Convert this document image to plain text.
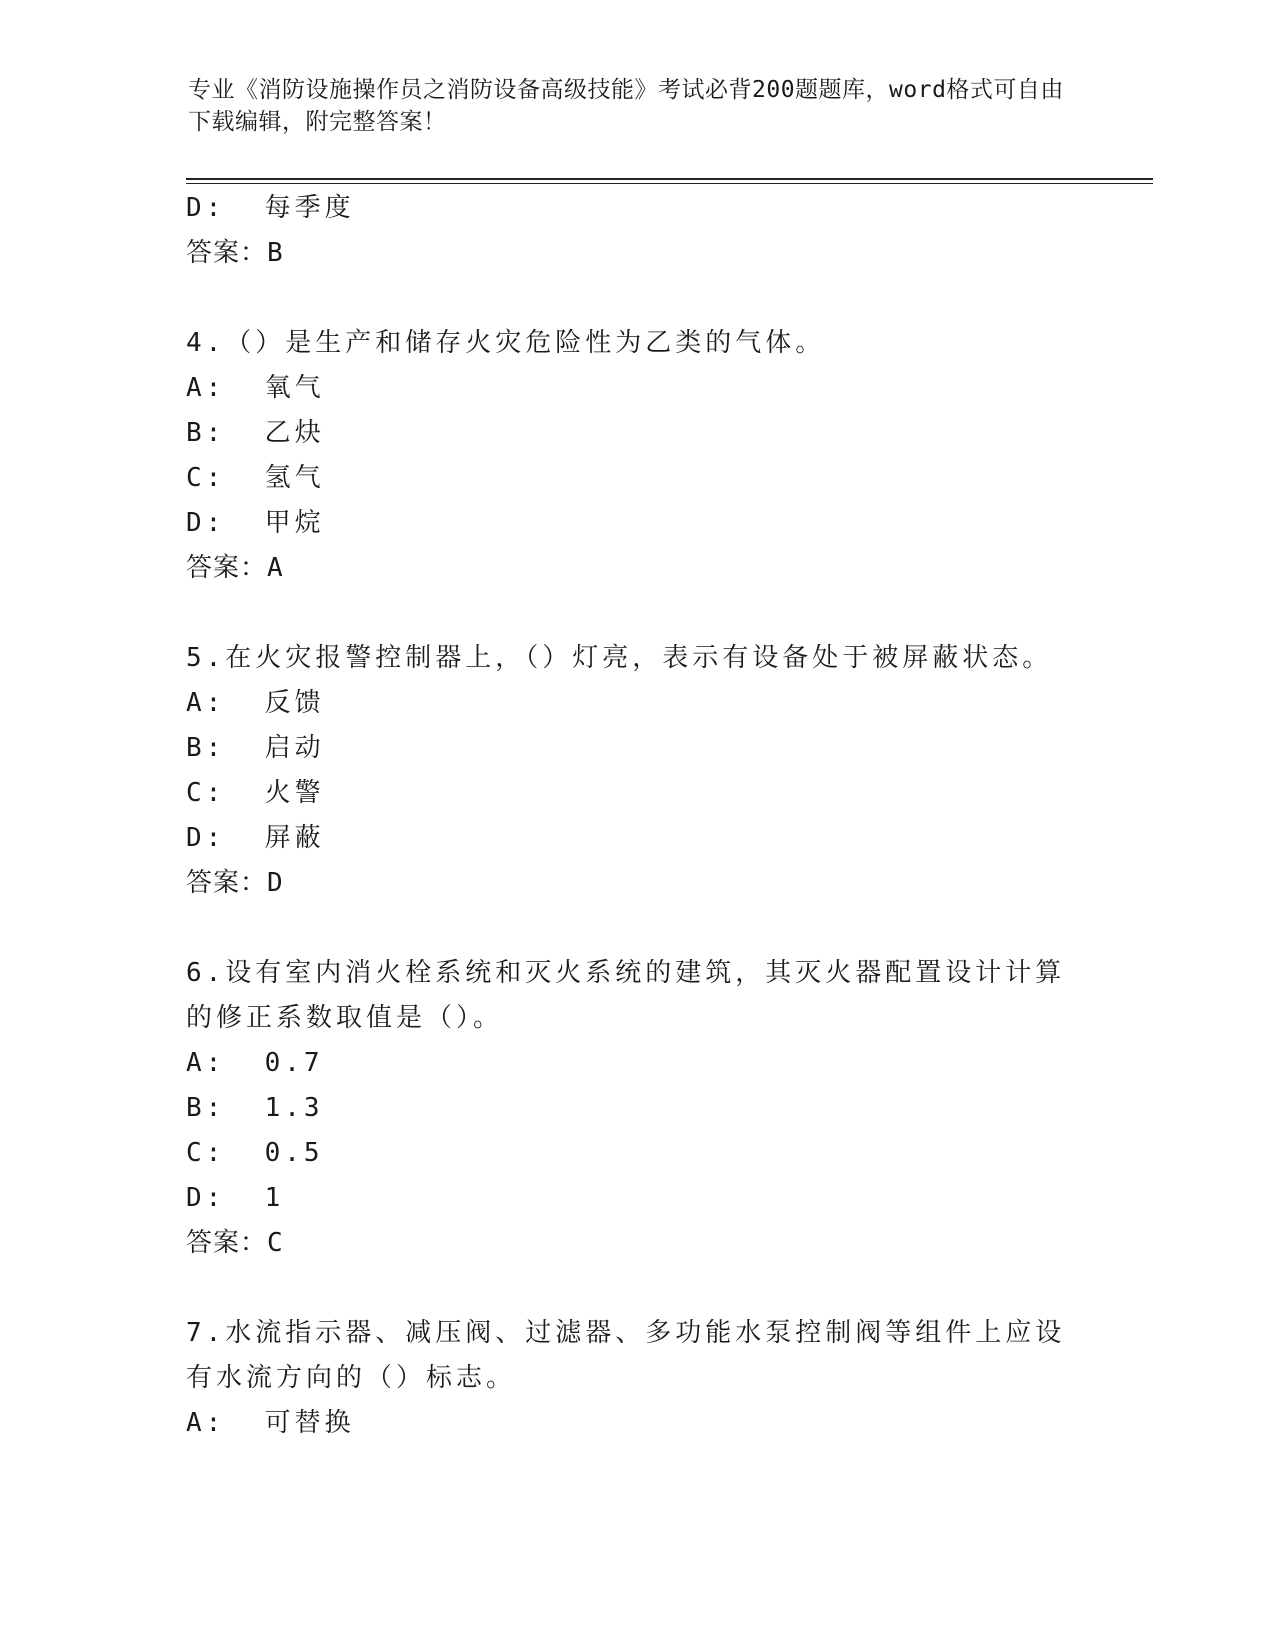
专业《消防设施操作员之消防设备高级技能》考试必背200题题库，word格式可自由下载编辑，附完整答案！
D:  每季度
答案：B
4.（）是生产和储存火灾危险性为乙类的气体。
A:  氧气
B:  乙炔
C:  氢气
D:  甲烷
答案：A
5.在火灾报警控制器上，（）灯亮，表示有设备处于被屏蔽状态。
A:  反馈
B:  启动
C:  火警
D:  屏蔽
答案：D
6.设有室内消火栓系统和灭火系统的建筑，其灭火器配置设计计算的修正系数取值是（）。
A:  0.7
B:  1.3
C:  0.5
D:  1
答案：C
7.水流指示器、减压阀、过滤器、多功能水泵控制阀等组件上应设有水流方向的（）标志。
A:  可替换
